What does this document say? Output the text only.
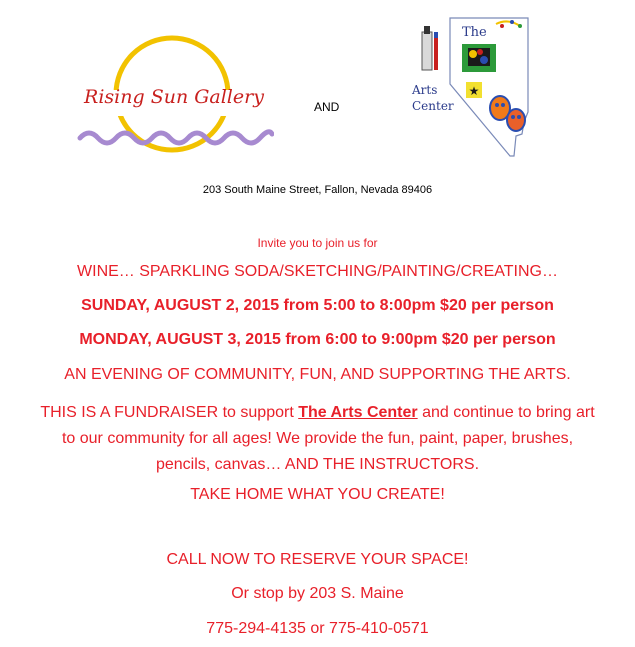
Rising Sun Gallery	AND
★
The
Arts
Center
203 South Maine Street, Fallon, Nevada 89406
Invite you to join us for
WINE… SPARKLING SODA/SKETCHING/PAINTING/CREATING…
SUNDAY, AUGUST 2, 2015 from 5:00 to 8:00pm $20 per person
MONDAY, AUGUST 3, 2015 from 6:00 to 9:00pm $20 per person
AN EVENING OF COMMUNITY, FUN, AND SUPPORTING THE ARTS.
THIS IS A FUNDRAISER to support The Arts Center and continue to bring art to our community for all ages! We provide the fun, paint, paper, brushes, pencils, canvas… AND THE INSTRUCTORS.
TAKE HOME WHAT YOU CREATE!
CALL NOW TO RESERVE YOUR SPACE!
Or stop by 203 S. Maine
775-294-4135 or 775-410-0571
